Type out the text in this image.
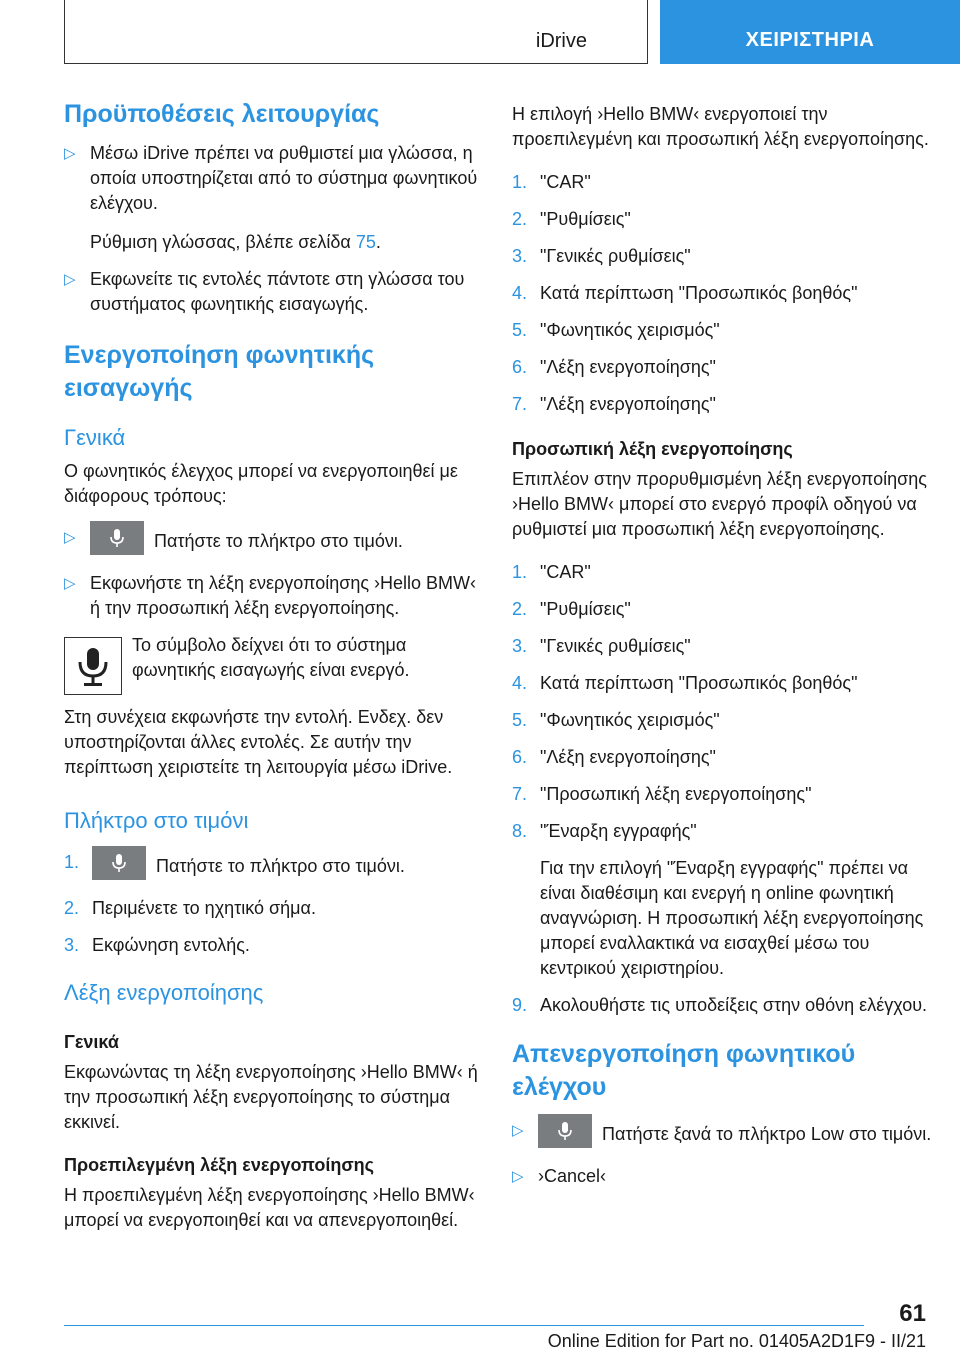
iDrive	ΧΕΙΡΙΣΤΗΡΙΑ
Προϋποθέσεις λειτουργίας
▷ Μέσω iDrive πρέπει να ρυθμιστεί μια γλώσσα, η οποία υποστηρίζεται από το σύστημα φωνητικού ελέγχου.
Ρύθμιση γλώσσας, βλέπε σελίδα 75.
▷ Εκφωνείτε τις εντολές πάντοτε στη γλώσσα του συστήματος φωνητικής εισαγωγής.
Ενεργοποίηση φωνητικής εισαγωγής
Γενικά

Ο φωνητικός έλεγχος μπορεί να ενεργοποιηθεί με διάφορους τρόπους:

▷	Πατήστε το πλήκτρο στο τιμόνι.
▷ Εκφωνήστε τη λέξη ενεργοποίησης ›Hello BMW‹ ή την προσωπική λέξη ενεργοποίησης.

Το σύμβολο δείχνει ότι το σύστημα φωνητικής εισαγωγής είναι ενεργό.

Στη συνέχεια εκφωνήστε την εντολή. Ενδεχ. δεν υποστηρίζονται άλλες εντολές. Σε αυτήν την περίπτωση χειριστείτε τη λειτουργία μέσω iDrive.

Πλήκτρο στο τιμόνι
1.	Πατήστε το πλήκτρο στο τιμόνι.
2. Περιμένετε το ηχητικό σήμα.
3. Εκφώνηση εντολής.
Λέξη ενεργοποίησης
Γενικά

Εκφωνώντας τη λέξη ενεργοποίησης ›Hello BMW‹ ή την προσωπική λέξη ενεργοποίησης το σύστημα εκκινεί.

Προεπιλεγμένη λέξη ενεργοποίησης

Η προεπιλεγμένη λέξη ενεργοποίησης ›Hello BMW‹ μπορεί να ενεργοποιηθεί και να απενεργοποιηθεί.

Η επιλογή ›Hello BMW‹ ενεργοποιεί την προεπιλεγμένη και προσωπική λέξη ενεργοποίησης.

1. "CAR"
2. "Ρυθμίσεις"
3. "Γενικές ρυθμίσεις"
4. Κατά περίπτωση "Προσωπικός βοηθός"
5. "Φωνητικός χειρισμός"
6. "Λέξη ενεργοποίησης"
7. "Λέξη ενεργοποίησης"
Προσωπική λέξη ενεργοποίησης

Επιπλέον στην προρυθμισμένη λέξη ενεργοποίησης ›Hello BMW‹ μπορεί στο ενεργό προφίλ οδηγού να ρυθμιστεί μια προσωπική λέξη ενεργοποίησης.

1. "CAR"
2. "Ρυθμίσεις"
3. "Γενικές ρυθμίσεις"
4. Κατά περίπτωση "Προσωπικός βοηθός"
5. "Φωνητικός χειρισμός"
6. "Λέξη ενεργοποίησης"
7. "Προσωπική λέξη ενεργοποίησης"
8. "Έναρξη εγγραφής"
Για την επιλογή "Έναρξη εγγραφής" πρέπει να είναι διαθέσιμη και ενεργή η online φωνητική αναγνώριση. Η προσωπική λέξη ενεργοποίησης μπορεί εναλλακτικά να εισαχθεί μέσω του κεντρικού χειριστηρίου.
9. Ακολουθήστε τις υποδείξεις στην οθόνη ελέγχου.
Απενεργοποίηση φωνητικού ελέγχου
▷	Πατήστε ξανά το πλήκτρο Low στο τιμόνι.
▷ ›Cancel‹
61
Online Edition for Part no. 01405A2D1F9 - II/21
